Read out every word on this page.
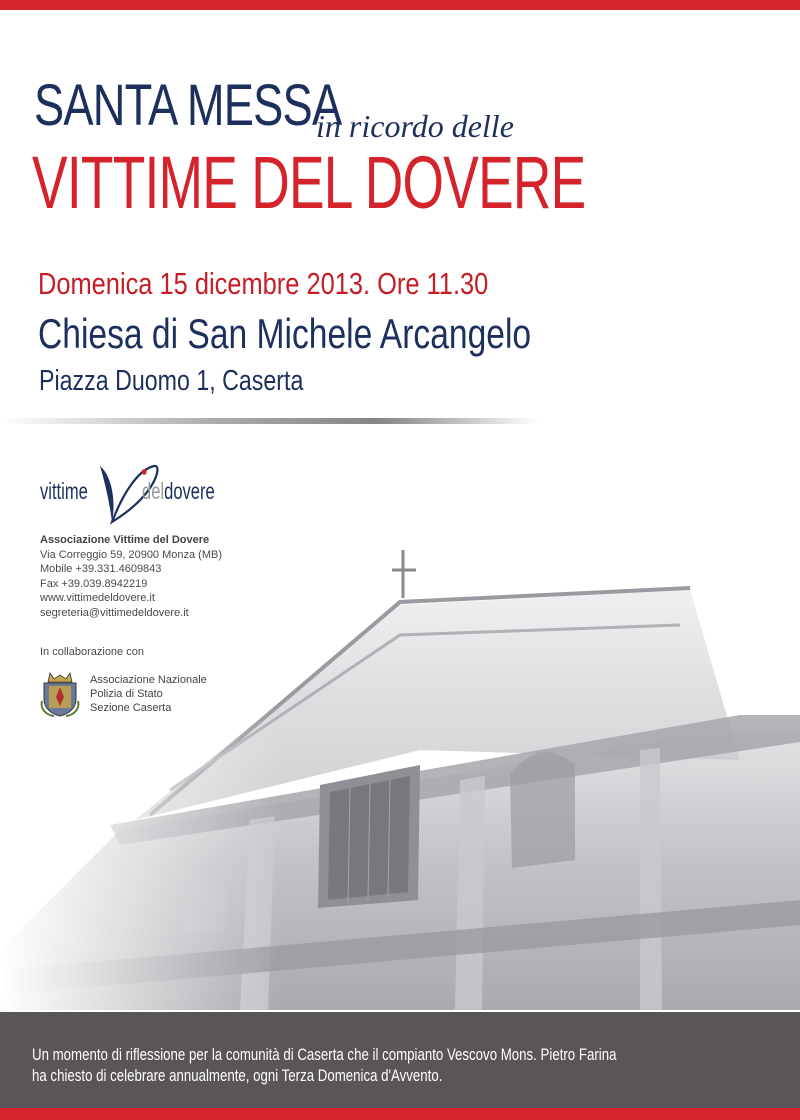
SANTA MESSA
in ricordo delle
VITTIME DEL DOVERE
Domenica 15 dicembre 2013. Ore 11.30
Chiesa di San Michele Arcangelo
Piazza Duomo 1, Caserta
vittime deldovere
Associazione Vittime del Dovere
Via Correggio 59, 20900 Monza (MB)
Mobile +39.331.4609843
Fax +39.039.8942219
www.vittimedeldovere.it
segreteria@vittimedeldovere.it
In collaborazione con
Associazione Nazionale
Polizia di Stato
Sezione Caserta
Un momento di riflessione per la comunità di Caserta che il compianto Vescovo Mons. Pietro Farina
ha chiesto di celebrare annualmente, ogni Terza Domenica d'Avvento.
